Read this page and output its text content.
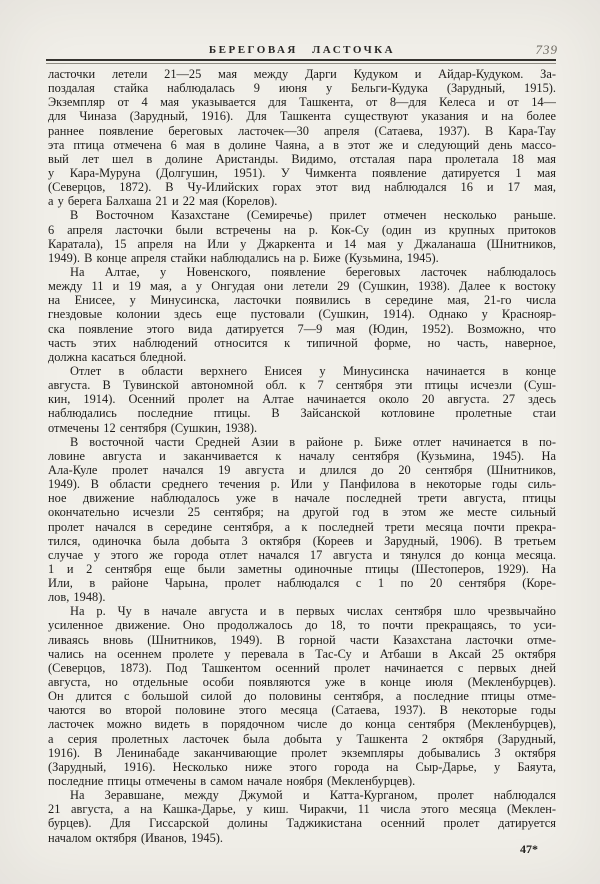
БЕРЕГОВАЯ ЛАСТОЧКА	739
ласточки летели 21—25 мая между Дарги Кудуком и Айдар-Кудуком. За-
поздалая стайка наблюдалась 9 июня у Бельги-Кудука (Зарудный, 1915).
Экземпляр от 4 мая указывается для Ташкента, от 8—для Келеса и от 14—
для Чиназа (Зарудный, 1916). Для Ташкента существуют указания и на более
раннее появление береговых ласточек—30 апреля (Сатаева, 1937). В Кара-Тау
эта птица отмечена 6 мая в долине Чаяна, а в этот же и следующий день массо-
вый лет шел в долине Аристанды. Видимо, отсталая пара пролетала 18 мая
у Кара-Муруна (Долгушин, 1951). У Чимкента появление датируется 1 мая
(Северцов, 1872). В Чу-Илийских горах этот вид наблюдался 16 и 17 мая,
а у берега Балхаша 21 и 22 мая (Корелов).
В Восточном Казахстане (Семиречье) прилет отмечен несколько раньше.
6 апреля ласточки были встречены на р. Кок-Су (один из крупных притоков
Каратала), 15 апреля на Или у Джаркента и 14 мая у Джаланаша (Шнитников,
1949). В конце апреля стайки наблюдались на р. Биже (Кузьмина, 1945).
На Алтае, у Новенского, появление береговых ласточек наблюдалось
между 11 и 19 мая, а у Онгудая они летели 29 (Сушкин, 1938). Далее к востоку
на Енисее, у Минусинска, ласточки появились в середине мая, 21-го числа
гнездовые колонии здесь еще пустовали (Сушкин, 1914). Однако у Краснояр-
ска появление этого вида датируется 7—9 мая (Юдин, 1952). Возможно, что
часть этих наблюдений относится к типичной форме, но часть, наверное,
должна касаться бледной.
Отлет в области верхнего Енисея у Минусинска начинается в конце
августа. В Тувинской автономной обл. к 7 сентября эти птицы исчезли (Суш-
кин, 1914). Осенний пролет на Алтае начинается около 20 августа. 27 здесь
наблюдались последние птицы. В Зайсанской котловине пролетные стаи
отмечены 12 сентября (Сушкин, 1938).
В восточной части Средней Азии в районе р. Биже отлет начинается в по-
ловине августа и заканчивается к началу сентября (Кузьмина, 1945). На
Ала-Куле пролет начался 19 августа и длился до 20 сентября (Шнитников,
1949). В области среднего течения р. Или у Панфилова в некоторые годы силь-
ное движение наблюдалось уже в начале последней трети августа, птицы
окончательно исчезли 25 сентября; на другой год в этом же месте сильный
пролет начался в середине сентября, а к последней трети месяца почти прекра-
тился, одиночка была добыта 3 октября (Кореев и Зарудный, 1906). В третьем
случае у этого же города отлет начался 17 августа и тянулся до конца месяца.
1 и 2 сентября еще были заметны одиночные птицы (Шестоперов, 1929). На
Или, в районе Чарына, пролет наблюдался с 1 по 20 сентября (Коре-
лов, 1948).
На р. Чу в начале августа и в первых числах сентября шло чрезвычайно
усиленное движение. Оно продолжалось до 18, то почти прекращаясь, то уси-
ливаясь вновь (Шнитников, 1949). В горной части Казахстана ласточки отме-
чались на осеннем пролете у перевала в Тас-Су и Атбаши в Аксай 25 октября
(Северцов, 1873). Под Ташкентом осенний пролет начинается с первых дней
августа, но отдельные особи появляются уже в конце июля (Мекленбурцев).
Он длится с большой силой до половины сентября, а последние птицы отме-
чаются во второй половине этого месяца (Сатаева, 1937). В некоторые годы
ласточек можно видеть в порядочном числе до конца сентября (Мекленбурцев),
а серия пролетных ласточек была добыта у Ташкента 2 октября (Зарудный,
1916). В Ленинабаде заканчивающие пролет экземпляры добывались 3 октября
(Зарудный, 1916). Несколько ниже этого города на Сыр-Дарье, у Баяута,
последние птицы отмечены в самом начале ноября (Мекленбурцев).
На Зеравшане, между Джумой и Катта-Курганом, пролет наблюдался
21 августа, а на Кашка-Дарье, у киш. Чиракчи, 11 числа этого месяца (Меклен-
бурцев). Для Гиссарской долины Таджикистана осенний пролет датируется
началом октября (Иванов, 1945).
47*
